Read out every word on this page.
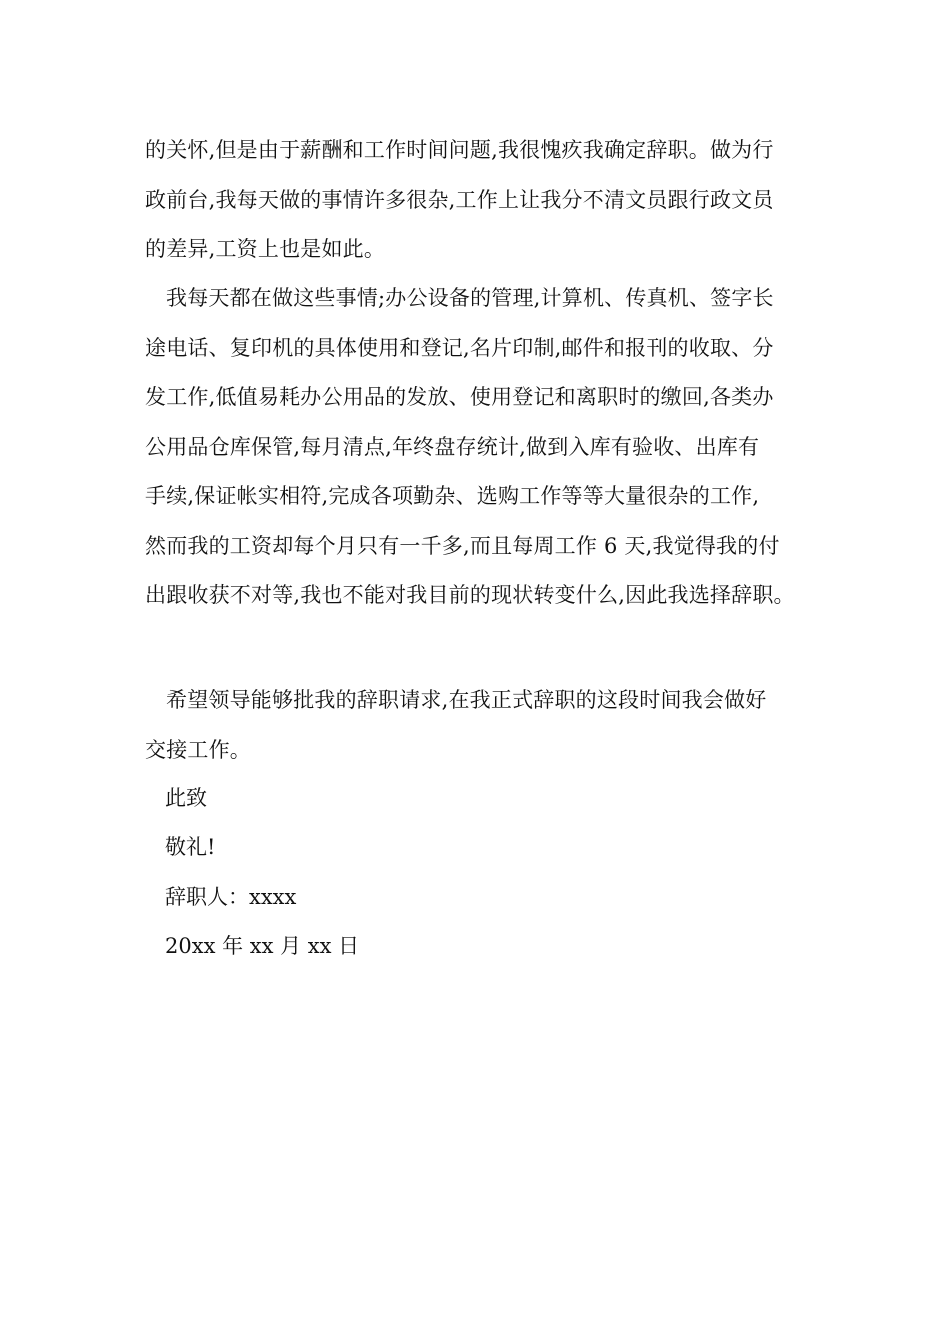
的关怀,但是由于薪酬和工作时间问题,我很愧疚我确定辞职。做为行
政前台,我每天做的事情许多很杂,工作上让我分不清文员跟行政文员
的差异,工资上也是如此。
我每天都在做这些事情;办公设备的管理,计算机、传真机、签字长
途电话、复印机的具体使用和登记,名片印制,邮件和报刊的收取、分
发工作,低值易耗办公用品的发放、使用登记和离职时的缴回,各类办
公用品仓库保管,每月清点,年终盘存统计,做到入库有验收、出库有
手续,保证帐实相符,完成各项勤杂、选购工作等等大量很杂的工作,
然而我的工资却每个月只有一千多,而且每周工作 6 天,我觉得我的付
出跟收获不对等,我也不能对我目前的现状转变什么,因此我选择辞职。
希望领导能够批我的辞职请求,在我正式辞职的这段时间我会做好
交接工作。
此致
敬礼!
辞职人：xxxx
20xx 年 xx 月 xx 日
